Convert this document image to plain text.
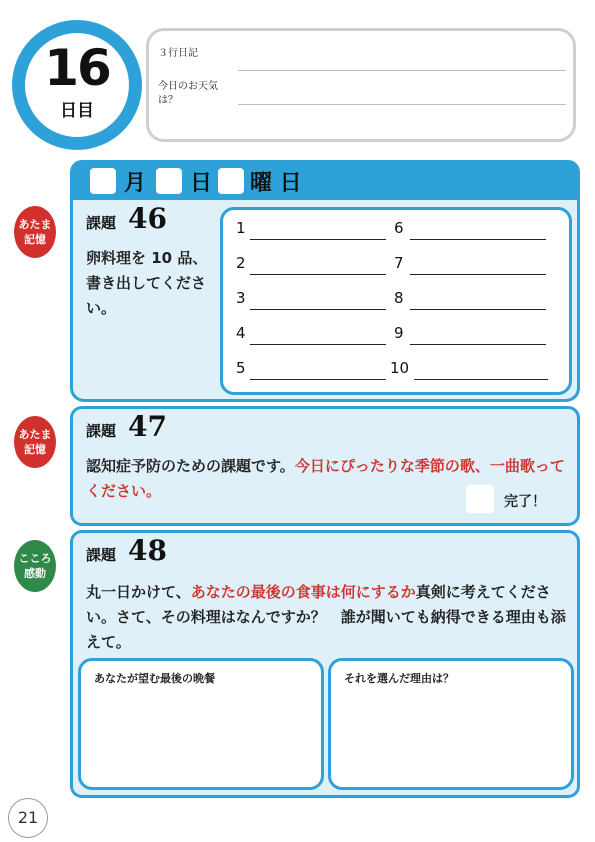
16
日目
３行日記
今日のお天気
は？
月 日 曜 日
あたま
記憶
あたま
記憶
こころ
感動
課題 46
卵料理を 10 品、書き出してください。
1
2
3
4
5
6
7
8
9
10
課題 47
認知症予防のための課題です。今日にぴったりな季節の歌、一曲歌ってください。
完了！
課題 48
丸一日かけて、あなたの最後の食事は何にするか真剣に考えてください。さて、その料理はなんですか？　誰が聞いても納得できる理由も添えて。
あなたが望む最後の晩餐	それを選んだ理由は？
21
